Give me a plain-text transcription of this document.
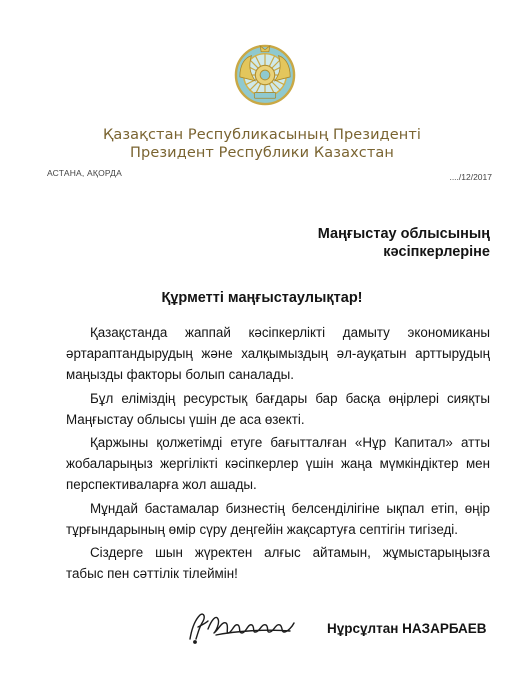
Қазақстан Республикасының Президенті
Президент Республики Казахстан
АСТАНА, АҚОРДА	..../12/2017
Маңғыстау облысының
кәсіпкерлеріне
Құрметті маңғыстаулықтар!

Қазақстанда жаппай кәсіпкерлікті дамыту экономиканы әртараптандырудың және халқымыздың әл-ауқатын арттырудың маңызды факторы болып саналады.

Бұл еліміздің ресурстық бағдары бар басқа өңірлері сияқты Маңғыстау облысы үшін де аса өзекті.

Қаржыны қолжетімді етуге бағытталған «Нұр Капитал» атты жобаларыңыз жергілікті кәсіпкерлер үшін жаңа мүмкіндіктер мен перспективаларға жол ашады.

Мұндай бастамалар бизнестің белсенділігіне ықпал етіп, өңір тұрғындарының өмір сүру деңгейін жақсартуға септігін тигізеді.

Сіздерге шын жүректен алғыс айтамын, жұмыстарыңызға табыс пен сәттілік тілеймін!

Нұрсұлтан НАЗАРБАЕВ
